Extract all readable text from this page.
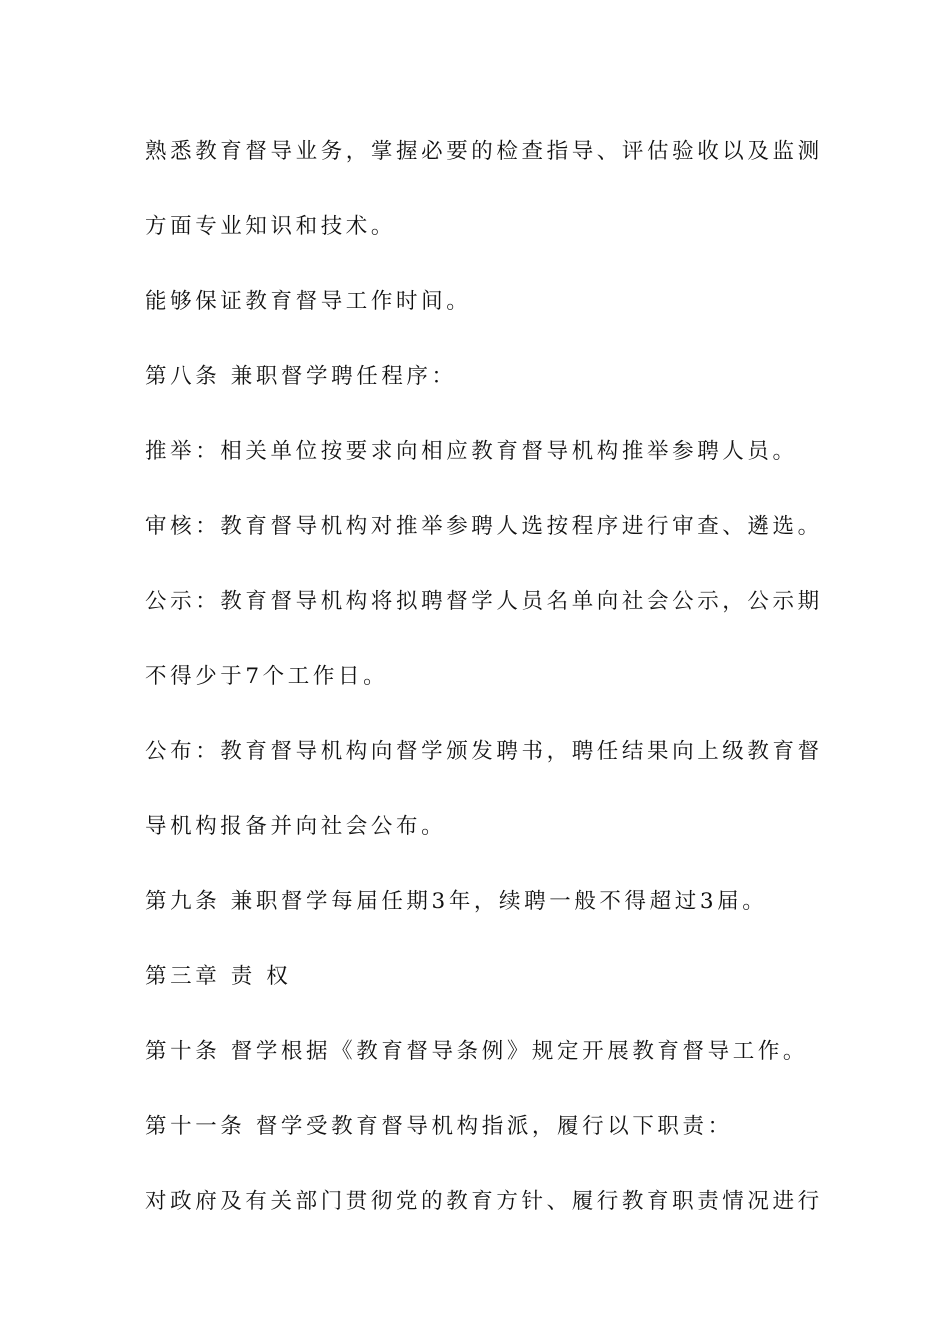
熟悉教育督导业务，掌握必要的检查指导、评估验收以及监测
方面专业知识和技术。
能够保证教育督导工作时间。
第八条 兼职督学聘任程序：
推举：相关单位按要求向相应教育督导机构推举参聘人员。
审核：教育督导机构对推举参聘人选按程序进行审查、遴选。
公示：教育督导机构将拟聘督学人员名单向社会公示，公示期
不得少于7个工作日。
公布：教育督导机构向督学颁发聘书，聘任结果向上级教育督
导机构报备并向社会公布。
第九条 兼职督学每届任期3年，续聘一般不得超过3届。
第三章 责 权
第十条 督学根据《教育督导条例》规定开展教育督导工作。
第十一条 督学受教育督导机构指派，履行以下职责：
对政府及有关部门贯彻党的教育方针、履行教育职责情况进行
